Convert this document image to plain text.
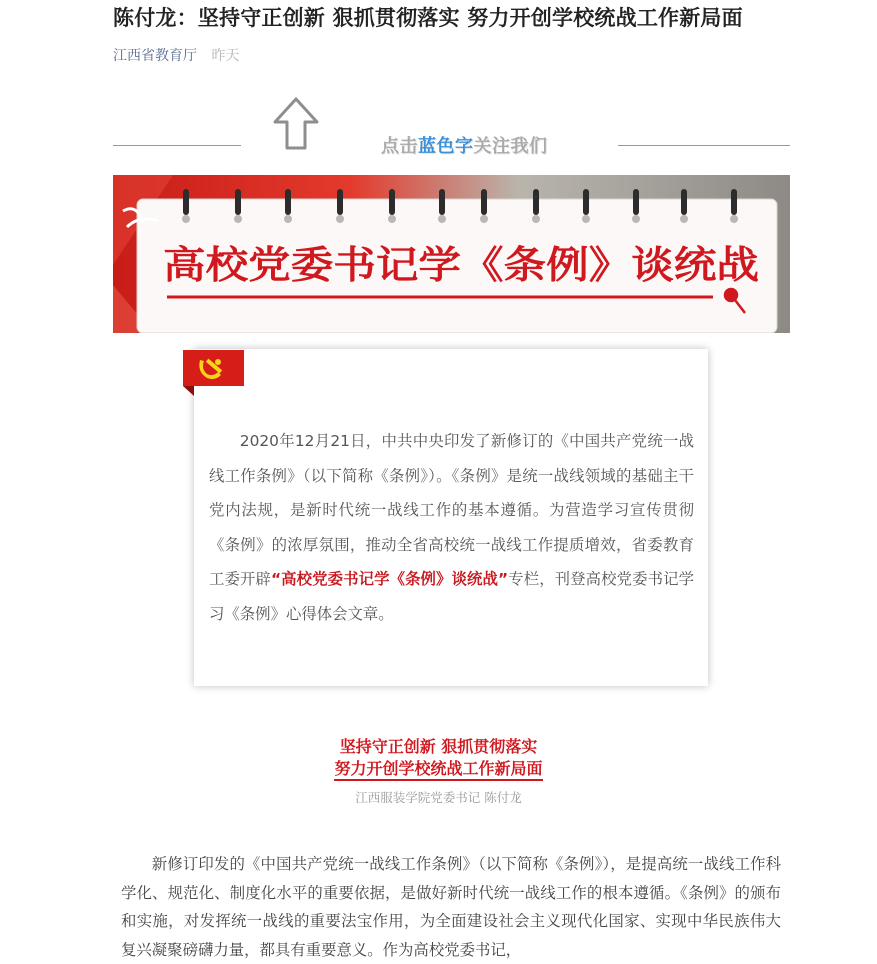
陈付龙：坚持守正创新 狠抓贯彻落实 努力开创学校统战工作新局面
江西省教育厅 昨天
点击蓝色字关注我们
高校党委书记学《条例》谈统战

2020年12月21日，中共中央印发了新修订的《中国共产党统一战线工作条例》（以下简称《条例》）。《条例》是统一战线领域的基础主干党内法规，是新时代统一战线工作的基本遵循。为营造学习宣传贯彻《条例》的浓厚氛围，推动全省高校统一战线工作提质增效，省委教育工委开辟“高校党委书记学《条例》谈统战”专栏，刊登高校党委书记学习《条例》心得体会文章。

坚持守正创新 狠抓贯彻落实
努力开创学校统战工作新局面
江西服装学院党委书记 陈付龙

新修订印发的《中国共产党统一战线工作条例》（以下简称《条例》），是提高统一战线工作科学化、规范化、制度化水平的重要依据，是做好新时代统一战线工作的根本遵循。《条例》的颁布和实施，对发挥统一战线的重要法宝作用，为全面建设社会主义现代化国家、实现中华民族伟大复兴凝聚磅礴力量，都具有重要意义。作为高校党委书记，
